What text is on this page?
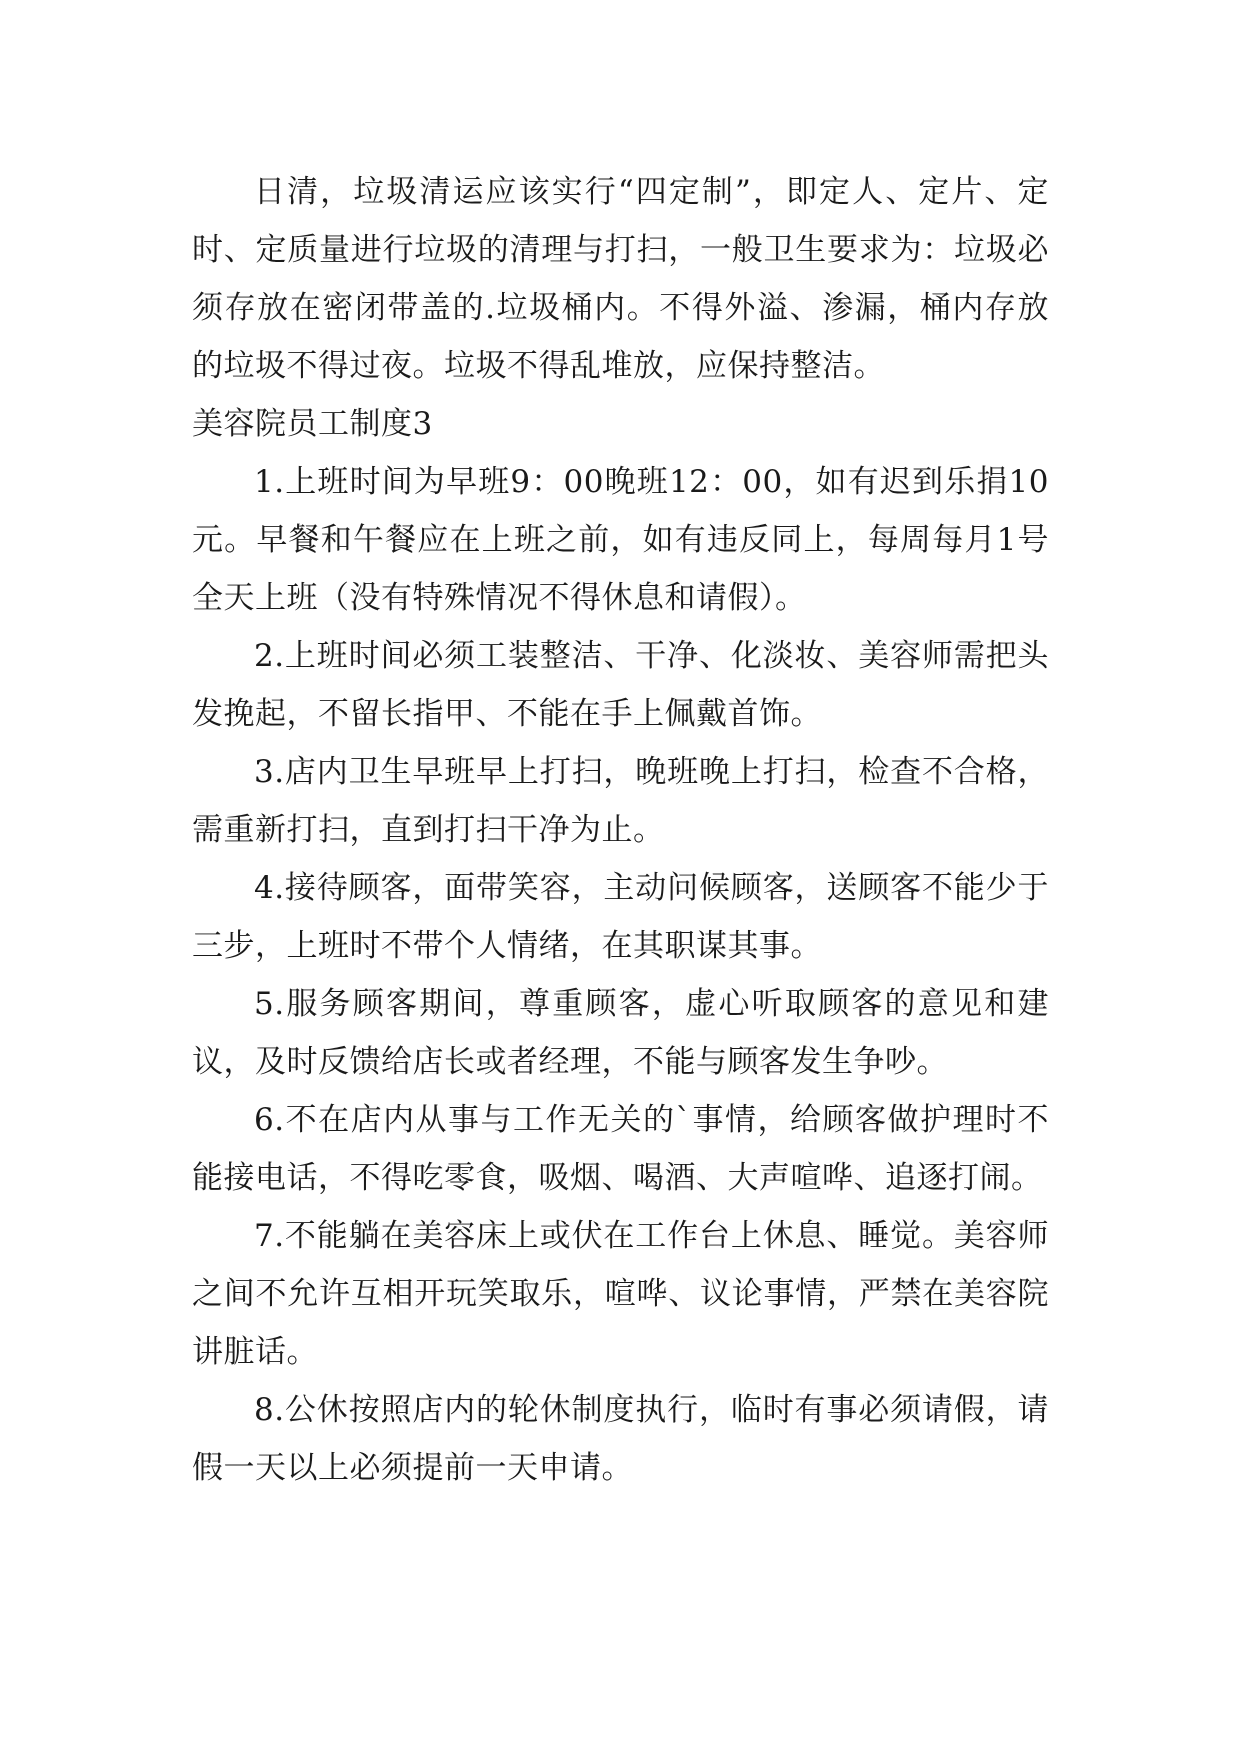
日清，垃圾清运应该实行“四定制”，即定人、定片、定时、定质量进行垃圾的清理与打扫，一般卫生要求为：垃圾必须存放在密闭带盖的.垃圾桶内。不得外溢、渗漏，桶内存放的垃圾不得过夜。垃圾不得乱堆放，应保持整洁。

美容院员工制度3

1.上班时间为早班9：00晚班12：00，如有迟到乐捐10元。早餐和午餐应在上班之前，如有违反同上，每周每月1号全天上班（没有特殊情况不得休息和请假）。

2.上班时间必须工装整洁、干净、化淡妆、美容师需把头发挽起，不留长指甲、不能在手上佩戴首饰。

3.店内卫生早班早上打扫，晚班晚上打扫，检查不合格，需重新打扫，直到打扫干净为止。

4.接待顾客，面带笑容，主动问候顾客，送顾客不能少于三步，上班时不带个人情绪，在其职谋其事。

5.服务顾客期间，尊重顾客，虚心听取顾客的意见和建议，及时反馈给店长或者经理，不能与顾客发生争吵。

6.不在店内从事与工作无关的`事情，给顾客做护理时不能接电话，不得吃零食，吸烟、喝酒、大声喧哗、追逐打闹。

7.不能躺在美容床上或伏在工作台上休息、睡觉。美容师之间不允许互相开玩笑取乐，喧哗、议论事情，严禁在美容院讲脏话。

8.公休按照店内的轮休制度执行，临时有事必须请假，请假一天以上必须提前一天申请。
